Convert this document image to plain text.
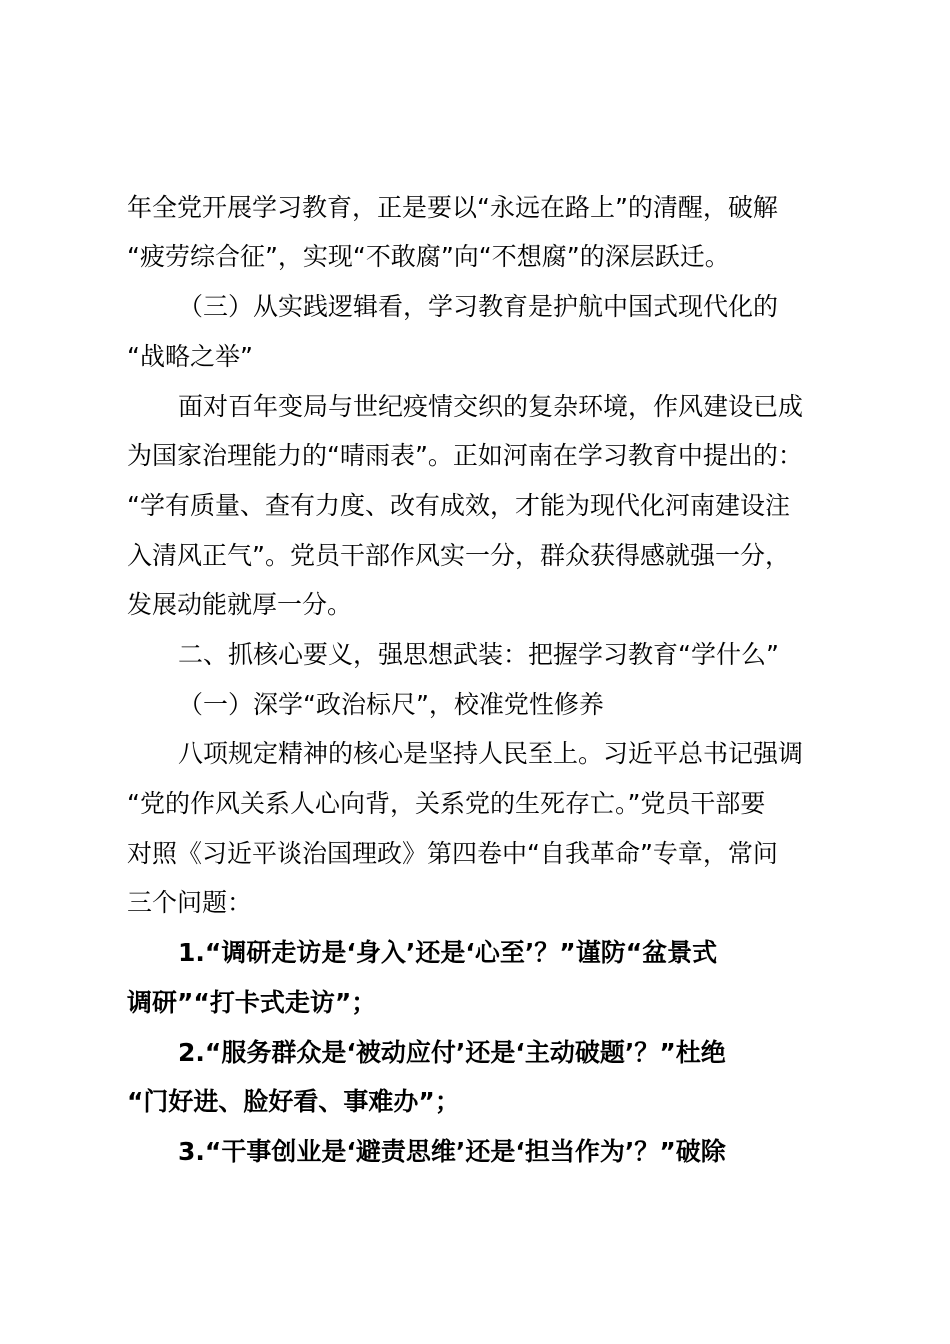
年全党开展学习教育，正是要以“永远在路上”的清醒，破解
“疲劳综合征”，实现“不敢腐”向“不想腐”的深层跃迁。
（三）从实践逻辑看，学习教育是护航中国式现代化的
“战略之举”
面对百年变局与世纪疫情交织的复杂环境，作风建设已成
为国家治理能力的“晴雨表”。正如河南在学习教育中提出的：
“学有质量、查有力度、改有成效，才能为现代化河南建设注
入清风正气”。党员干部作风实一分，群众获得感就强一分，
发展动能就厚一分。
二、抓核心要义，强思想武装：把握学习教育“学什么”
（一）深学“政治标尺”，校准党性修养
八项规定精神的核心是坚持人民至上。习近平总书记强调
“党的作风关系人心向背，关系党的生死存亡。”党员干部要
对照《习近平谈治国理政》第四卷中“自我革命”专章，常问
三个问题：
1.“调研走访是‘身入’还是‘心至’？”谨防“盆景式
调研”“打卡式走访”；
2.“服务群众是‘被动应付’还是‘主动破题’？”杜绝
“门好进、脸好看、事难办”；
3.“干事创业是‘避责思维’还是‘担当作为’？”破除
